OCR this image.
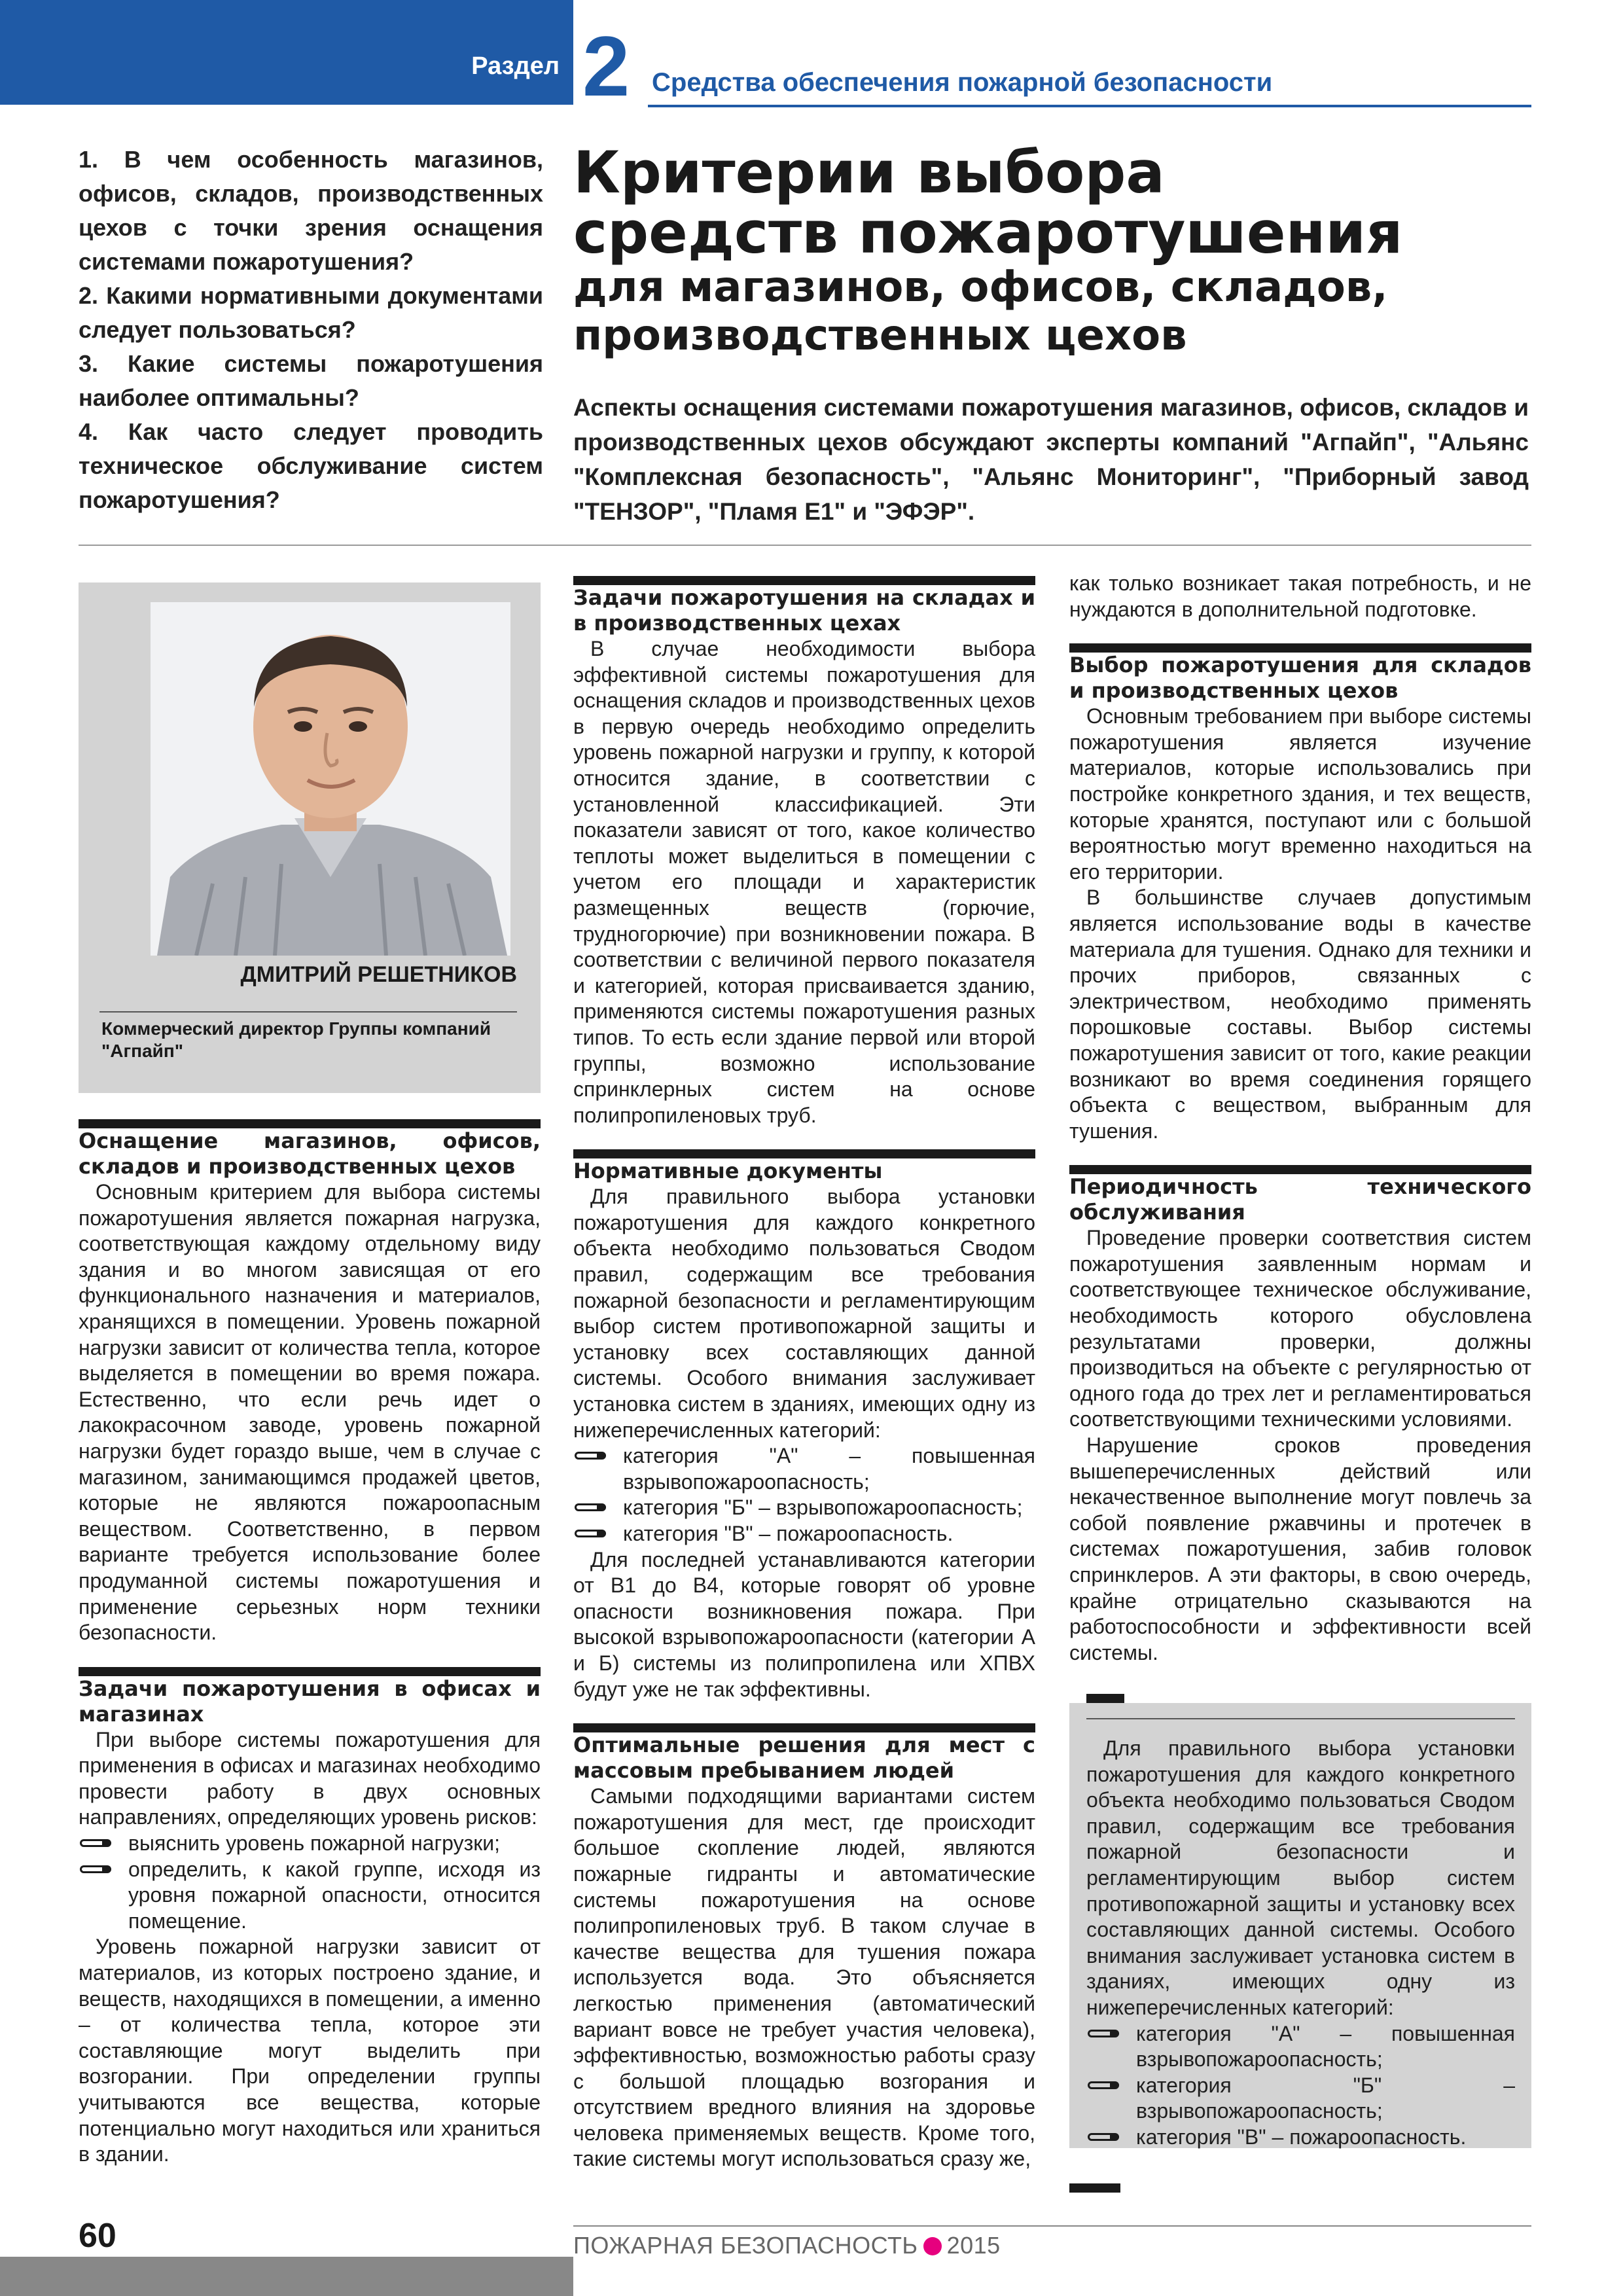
Раздел 2 Средства обеспечения пожарной безопасности

1. В чем особенность магазинов, офисов, складов, производственных цехов с точки зрения оснащения системами пожаротушения?

2. Какими нормативными документами следует пользоваться?

3. Какие системы пожаротушения наиболее оптимальны?

4. Как часто следует проводить техническое обслуживание систем пожаротушения?

Критерии выбора

средств пожаротушения

для магазинов, офисов, складов,

производственных цехов

Аспекты оснащения системами пожаротушения магазинов, офисов, складов и производственных цехов обсуждают эксперты компаний "Агпайп", "Альянс "Комплексная безопасность", "Альянс Мониторинг", "Приборный завод "ТЕНЗОР", "Пламя Е1" и "ЭФЭР".

ДМИТРИЙ РЕШЕТНИКОВ
Коммерческий директор Группы компаний "Агпайп"

Оснащение магазинов, офисов, складов и производственных цехов

Основным критерием для выбора системы пожаротушения является пожарная нагрузка, соответствующая каждому отдельному виду здания и во многом зависящая от его функционального назначения и материалов, хранящихся в помещении. Уровень пожарной нагрузки зависит от количества тепла, которое выделяется в помещении во время пожара. Естественно, что если речь идет о лакокрасочном заводе, уровень пожарной нагрузки будет гораздо выше, чем в случае с магазином, занимающимся продажей цветов, которые не являются пожароопасным веществом. Соответственно, в первом варианте требуется использование более продуманной системы пожаротушения и применение серьезных норм техники безопасности.

Задачи пожаротушения в офисах и магазинах

При выборе системы пожаротушения для применения в офисах и магазинах необходимо провести работу в двух основных направлениях, определяющих уровень рисков:

выяснить уровень пожарной нагрузки;
определить, к какой группе, исходя из уровня пожарной опасности, относится помещение.

Уровень пожарной нагрузки зависит от материалов, из которых построено здание, и веществ, находящихся в помещении, а именно – от количества тепла, которое эти составляющие могут выделить при возгорании. При определении группы учитываются все вещества, которые потенциально могут находиться или храниться в здании.

Задачи пожаротушения на складах и в производственных цехах

В случае необходимости выбора эффективной системы пожаротушения для оснащения складов и производственных цехов в первую очередь необходимо определить уровень пожарной нагрузки и группу, к которой относится здание, в соответствии с установленной классификацией. Эти показатели зависят от того, какое количество теплоты может выделиться в помещении с учетом его площади и характеристик размещенных веществ (горючие, трудногорючие) при возникновении пожара. В соответствии с величиной первого показателя и категорией, которая присваивается зданию, применяются системы пожаротушения разных типов. То есть если здание первой или второй группы, возможно использование спринклерных систем на основе полипропиленовых труб.

Нормативные документы

Для правильного выбора установки пожаротушения для каждого конкретного объекта необходимо пользоваться Сводом правил, содержащим все требования пожарной безопасности и регламентирующим выбор систем противопожарной защиты и установку всех составляющих данной системы. Особого внимания заслуживает установка систем в зданиях, имеющих одну из нижеперечисленных категорий:

категория "А" – повышенная взрывопожароопасность;
категория "Б" – взрывопожароопасность;
категория "В" – пожароопасность.

Для последней устанавливаются категории от В1 до В4, которые говорят об уровне опасности возникновения пожара. При высокой взрывопожароопасности (категории А и Б) системы из полипропилена или ХПВХ будут уже не так эффективны.

Оптимальные решения для мест с массовым пребыванием людей

Самыми подходящими вариантами систем пожаротушения для мест, где происходит большое скопление людей, являются пожарные гидранты и автоматические системы пожаротушения на основе полипропиленовых труб. В таком случае в качестве вещества для тушения пожара используется вода. Это объясняется легкостью применения (автоматический вариант вовсе не требует участия человека), эффективностью, возможностью работы сразу с большой площадью возгорания и отсутствием вредного влияния на здоровье человека применяемых веществ. Кроме того, такие системы могут использоваться сразу же,

как только возникает такая потребность, и не нуждаются в дополнительной подготовке.

Выбор пожаротушения для складов и производственных цехов

Основным требованием при выборе системы пожаротушения является изучение материалов, которые использовались при постройке конкретного здания, и тех веществ, которые хранятся, поступают или с большой вероятностью могут временно находиться на его территории.

В большинстве случаев допустимым является использование воды в качестве материала для тушения. Однако для техники и прочих приборов, связанных с электричеством, необходимо применять порошковые составы. Выбор системы пожаротушения зависит от того, какие реакции возникают во время соединения горящего объекта с веществом, выбранным для тушения.

Периодичность технического обслуживания

Проведение проверки соответствия систем пожаротушения заявленным нормам и соответствующее техническое обслуживание, необходимость которого обусловлена результатами проверки, должны производиться на объекте с регулярностью от одного года до трех лет и регламентироваться соответствующими техническими условиями.

Нарушение сроков проведения вышеперечисленных действий или некачественное выполнение могут повлечь за собой появление ржавчины и протечек в системах пожаротушения, забив головок спринклеров. А эти факторы, в свою очередь, крайне отрицательно сказываются на работоспособности и эффективности всей системы.

Для правильного выбора установки пожаротушения для каждого конкретного объекта необходимо пользоваться Сводом правил, содержащим все требования пожарной безопасности и регламентирующим выбор систем противопожарной защиты и установку всех составляющих данной системы. Особого внимания заслуживает установка систем в зданиях, имеющих одну из нижеперечисленных категорий:

категория "А" – повышенная взрывопожароопасность;
категория "Б" – взрывопожароопасность;
категория "В" – пожароопасность.
60	ПОЖАРНАЯ БЕЗОПАСНОСТЬ 2015
